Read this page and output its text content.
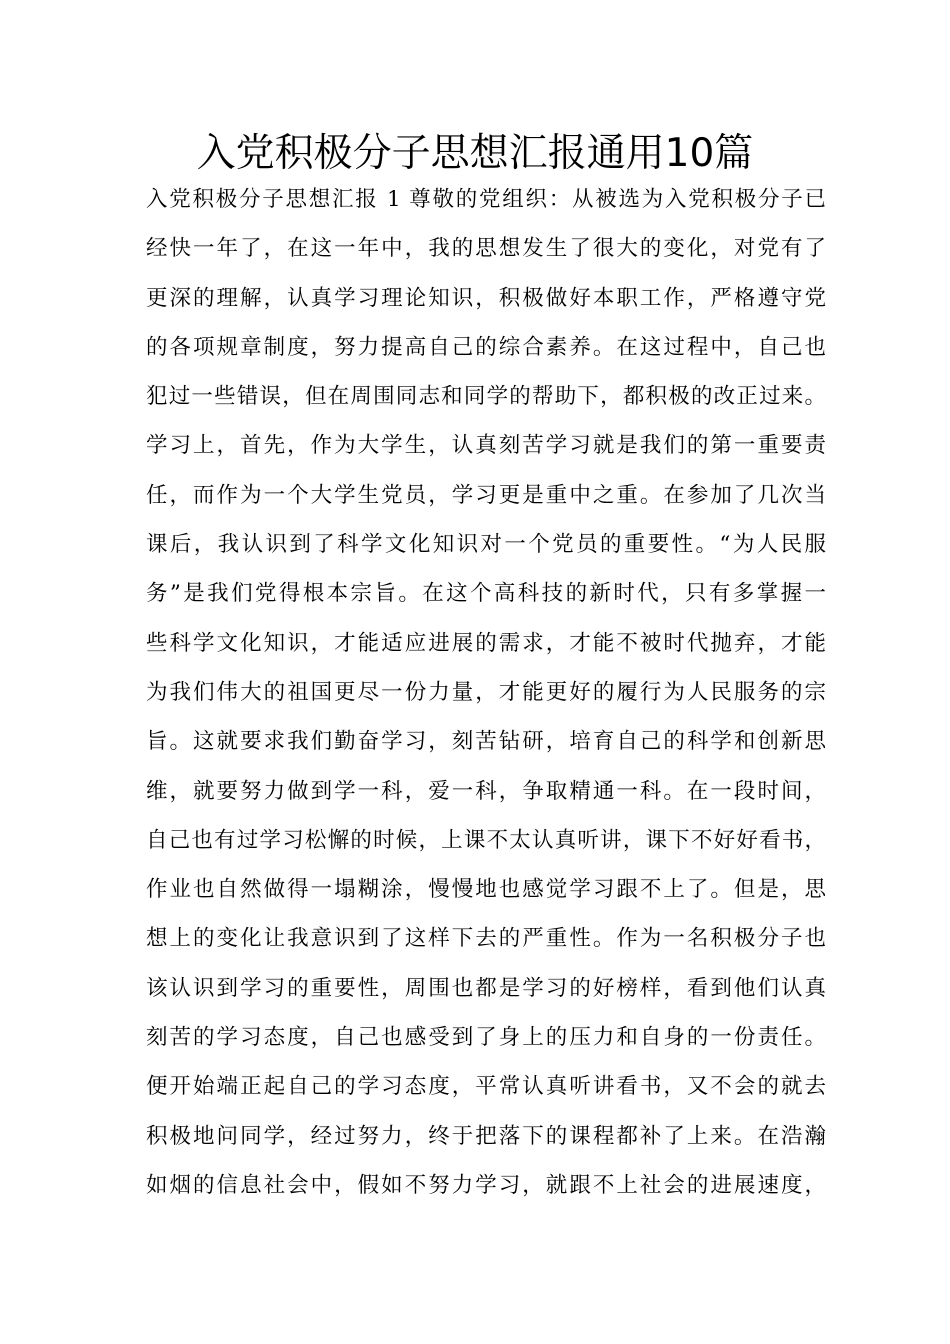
入党积极分子思想汇报通用10篇
入党积极分子思想汇报 1 尊敬的党组织：从被选为入党积极分子已
经快一年了，在这一年中，我的思想发生了很大的变化，对党有了
更深的理解，认真学习理论知识，积极做好本职工作，严格遵守党
的各项规章制度，努力提高自己的综合素养。在这过程中，自己也
犯过一些错误，但在周围同志和同学的帮助下，都积极的改正过来。
学习上，首先，作为大学生，认真刻苦学习就是我们的第一重要责
任，而作为一个大学生党员，学习更是重中之重。在参加了几次当
课后，我认识到了科学文化知识对一个党员的重要性。“为人民服
务”是我们党得根本宗旨。在这个高科技的新时代，只有多掌握一
些科学文化知识，才能适应进展的需求，才能不被时代抛弃，才能
为我们伟大的祖国更尽一份力量，才能更好的履行为人民服务的宗
旨。这就要求我们勤奋学习，刻苦钻研，培育自己的科学和创新思
维，就要努力做到学一科，爱一科，争取精通一科。在一段时间，
自己也有过学习松懈的时候，上课不太认真听讲，课下不好好看书，
作业也自然做得一塌糊涂，慢慢地也感觉学习跟不上了。但是，思
想上的变化让我意识到了这样下去的严重性。作为一名积极分子也
该认识到学习的重要性，周围也都是学习的好榜样，看到他们认真
刻苦的学习态度，自己也感受到了身上的压力和自身的一份责任。
便开始端正起自己的学习态度，平常认真听讲看书，又不会的就去
积极地问同学，经过努力，终于把落下的课程都补了上来。在浩瀚
如烟的信息社会中，假如不努力学习，就跟不上社会的进展速度，
